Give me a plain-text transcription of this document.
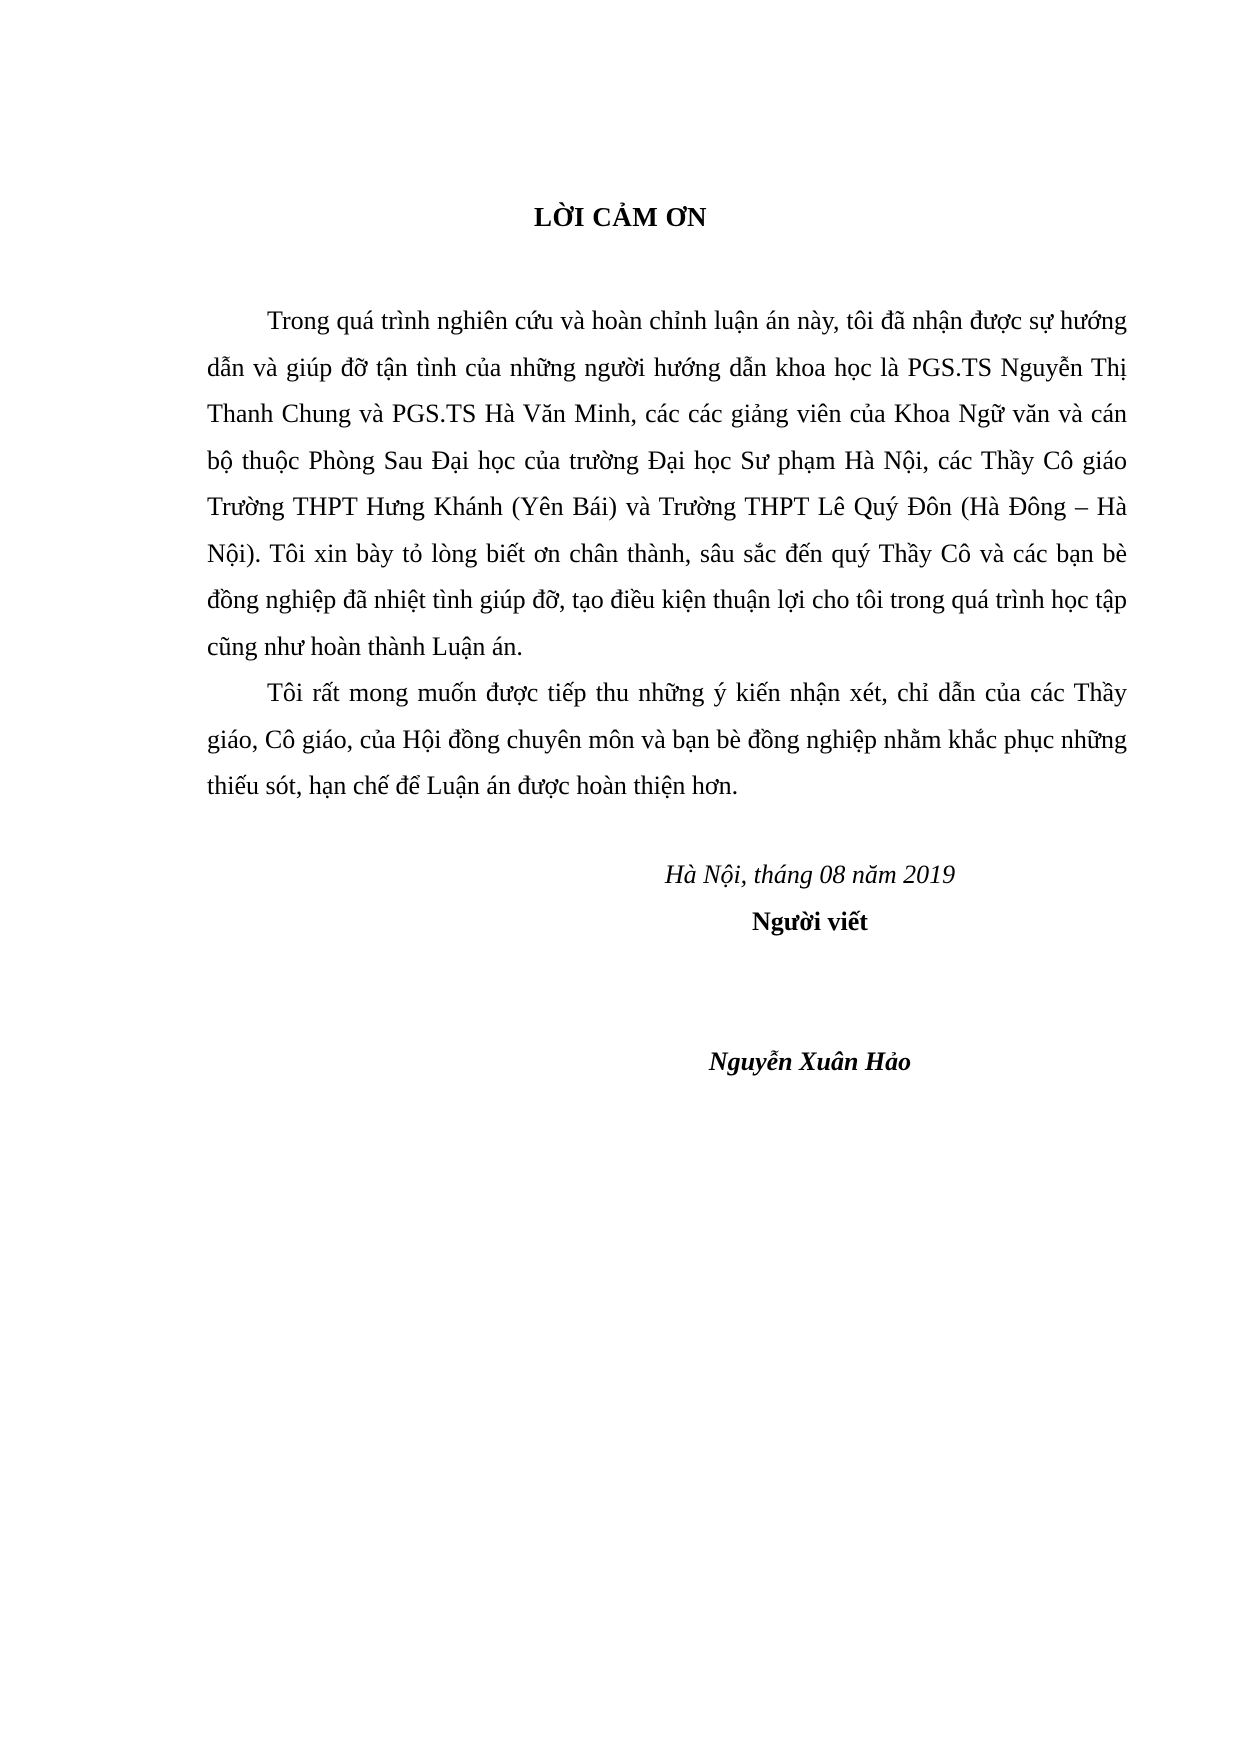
LỜI CẢM ƠN

Trong quá trình nghiên cứu và hoàn chỉnh luận án này, tôi đã nhận được sự hướng dẫn và giúp đỡ tận tình của những người hướng dẫn khoa học là PGS.TS Nguyễn Thị Thanh Chung và PGS.TS Hà Văn Minh, các các giảng viên của Khoa Ngữ văn và cán bộ thuộc Phòng Sau Đại học của trường Đại học Sư phạm Hà Nội, các Thầy Cô giáo Trường THPT Hưng Khánh (Yên Bái) và Trường THPT Lê Quý Đôn (Hà Đông – Hà Nội). Tôi xin bày tỏ lòng biết ơn chân thành, sâu sắc đến quý Thầy Cô và các bạn bè đồng nghiệp đã nhiệt tình giúp đỡ, tạo điều kiện thuận lợi cho tôi trong quá trình học tập cũng như hoàn thành Luận án.

Tôi rất mong muốn được tiếp thu những ý kiến nhận xét, chỉ dẫn của các Thầy giáo, Cô giáo, của Hội đồng chuyên môn và bạn bè đồng nghiệp nhằm khắc phục những thiếu sót, hạn chế để Luận án được hoàn thiện hơn.

Hà Nội, tháng 08 năm 2019
Người viết
Nguyễn Xuân Hảo
